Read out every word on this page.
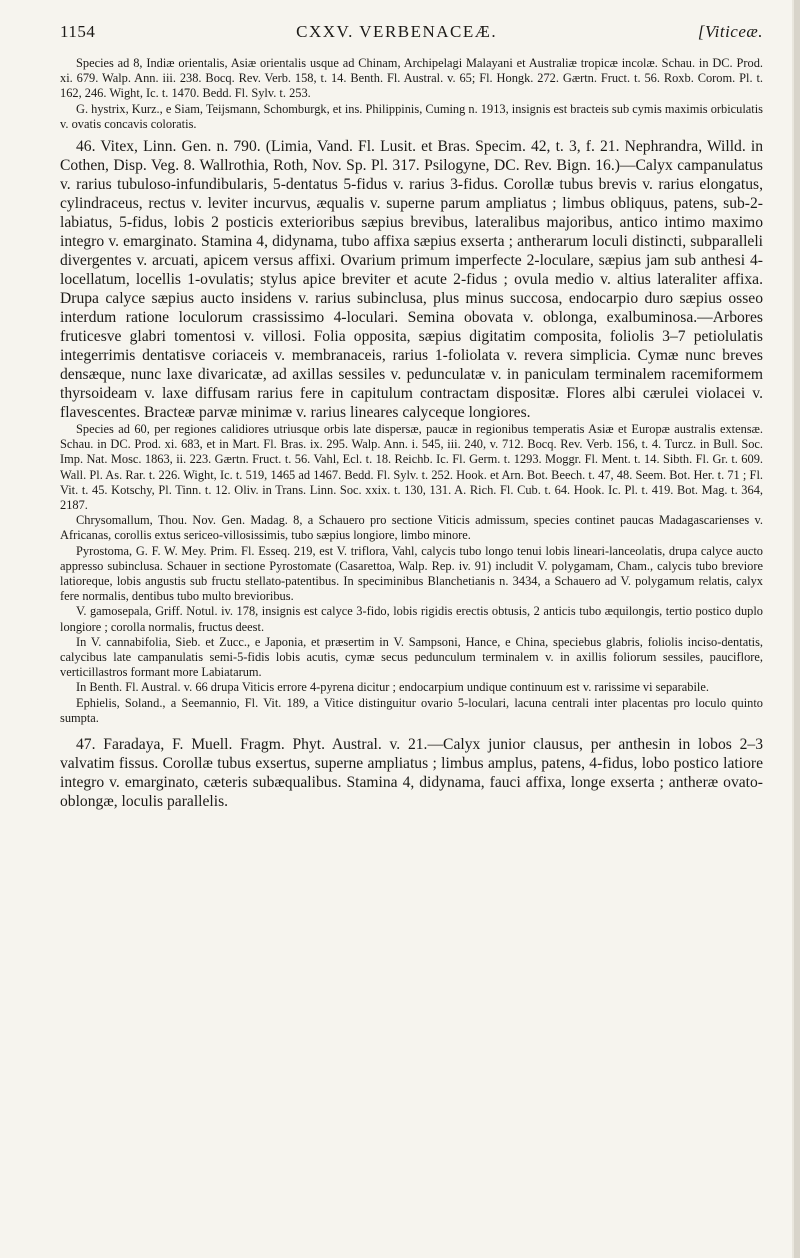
1154	CXXV. VERBENACEÆ.	[Viticeæ.

Species ad 8, Indiæ orientalis, Asiæ orientalis usque ad Chinam, Archipelagi Malayani et Australiæ tropicæ incolæ. Schau. in DC. Prod. xi. 679. Walp. Ann. iii. 238. Bocq. Rev. Verb. 158, t. 14. Benth. Fl. Austral. v. 65; Fl. Hongk. 272. Gærtn. Fruct. t. 56. Roxb. Corom. Pl. t. 162, 246. Wight, Ic. t. 1470. Bedd. Fl. Sylv. t. 253.

G. hystrix, Kurz., e Siam, Teijsmann, Schomburgk, et ins. Philippinis, Cuming n. 1913, insignis est bracteis sub cymis maximis orbiculatis v. ovatis concavis coloratis.

46. Vitex, Linn. Gen. n. 790. (Limia, Vand. Fl. Lusit. et Bras. Specim. 42, t. 3, f. 21. Nephrandra, Willd. in Cothen, Disp. Veg. 8. Wallrothia, Roth, Nov. Sp. Pl. 317. Psilogyne, DC. Rev. Bign. 16.)—Calyx campanulatus v. rarius tubuloso-infundibularis, 5-dentatus 5-fidus v. rarius 3-fidus. Corollæ tubus brevis v. rarius elongatus, cylindraceus, rectus v. leviter incurvus, æqualis v. superne parum ampliatus ; limbus obliquus, patens, sub-2-labiatus, 5-fidus, lobis 2 posticis exterioribus sæpius brevibus, lateralibus majoribus, antico intimo maximo integro v. emarginato. Stamina 4, didynama, tubo affixa sæpius exserta ; antherarum loculi distincti, subparalleli divergentes v. arcuati, apicem versus affixi. Ovarium primum imperfecte 2-loculare, sæpius jam sub anthesi 4-locellatum, locellis 1-ovulatis; stylus apice breviter et acute 2-fidus ; ovula medio v. altius lateraliter affixa. Drupa calyce sæpius aucto insidens v. rarius subinclusa, plus minus succosa, endocarpio duro sæpius osseo interdum ratione loculorum crassissimo 4-loculari. Semina obovata v. oblonga, exalbuminosa.—Arbores fruticesve glabri tomentosi v. villosi. Folia opposita, sæpius digitatim composita, foliolis 3–7 petiolulatis integerrimis dentatisve coriaceis v. membranaceis, rarius 1-foliolata v. revera simplicia. Cymæ nunc breves densæque, nunc laxe divaricatæ, ad axillas sessiles v. pedunculatæ v. in paniculam terminalem racemiformem thyrsoideam v. laxe diffusam rarius fere in capitulum contractam dispositæ. Flores albi cærulei violacei v. flavescentes. Bracteæ parvæ minimæ v. rarius lineares calyceque longiores.

Species ad 60, per regiones calidiores utriusque orbis late dispersæ, paucæ in regionibus temperatis Asiæ et Europæ australis extensæ. Schau. in DC. Prod. xi. 683, et in Mart. Fl. Bras. ix. 295. Walp. Ann. i. 545, iii. 240, v. 712. Bocq. Rev. Verb. 156, t. 4. Turcz. in Bull. Soc. Imp. Nat. Mosc. 1863, ii. 223. Gærtn. Fruct. t. 56. Vahl, Ecl. t. 18. Reichb. Ic. Fl. Germ. t. 1293. Moggr. Fl. Ment. t. 14. Sibth. Fl. Gr. t. 609. Wall. Pl. As. Rar. t. 226. Wight, Ic. t. 519, 1465 ad 1467. Bedd. Fl. Sylv. t. 252. Hook. et Arn. Bot. Beech. t. 47, 48. Seem. Bot. Her. t. 71 ; Fl. Vit. t. 45. Kotschy, Pl. Tinn. t. 12. Oliv. in Trans. Linn. Soc. xxix. t. 130, 131. A. Rich. Fl. Cub. t. 64. Hook. Ic. Pl. t. 419. Bot. Mag. t. 364, 2187.

Chrysomallum, Thou. Nov. Gen. Madag. 8, a Schauero pro sectione Viticis admissum, species continet paucas Madagascarienses v. Africanas, corollis extus sericeo-villosissimis, tubo sæpius longiore, limbo minore.

Pyrostoma, G. F. W. Mey. Prim. Fl. Esseq. 219, est V. triflora, Vahl, calycis tubo longo tenui lobis lineari-lanceolatis, drupa calyce aucto appresso subinclusa. Schauer in sectione Pyrostomate (Casarettoa, Walp. Rep. iv. 91) includit V. polygamam, Cham., calycis tubo breviore latioreque, lobis angustis sub fructu stellato-patentibus. In speciminibus Blanchetianis n. 3434, a Schauero ad V. polygamum relatis, calyx fere normalis, dentibus tubo multo brevioribus.

V. gamosepala, Griff. Notul. iv. 178, insignis est calyce 3-fido, lobis rigidis erectis obtusis, 2 anticis tubo æquilongis, tertio postico duplo longiore ; corolla normalis, fructus deest.

In V. cannabifolia, Sieb. et Zucc., e Japonia, et præsertim in V. Sampsoni, Hance, e China, speciebus glabris, foliolis inciso-dentatis, calycibus late campanulatis semi-5-fidis lobis acutis, cymæ secus pedunculum terminalem v. in axillis foliorum sessiles, pauciflore, verticillastros formant more Labiatarum.

In Benth. Fl. Austral. v. 66 drupa Viticis errore 4-pyrena dicitur ; endocarpium undique continuum est v. rarissime vi separabile.

Ephielis, Soland., a Seemannio, Fl. Vit. 189, a Vitice distinguitur ovario 5-loculari, lacuna centrali inter placentas pro loculo quinto sumpta.

47. Faradaya, F. Muell. Fragm. Phyt. Austral. v. 21.—Calyx junior clausus, per anthesin in lobos 2–3 valvatim fissus. Corollæ tubus exsertus, superne ampliatus ; limbus amplus, patens, 4-fidus, lobo postico latiore integro v. emarginato, cæteris subæqualibus. Stamina 4, didynama, fauci affixa, longe exserta ; antheræ ovato-oblongæ, loculis parallelis.
